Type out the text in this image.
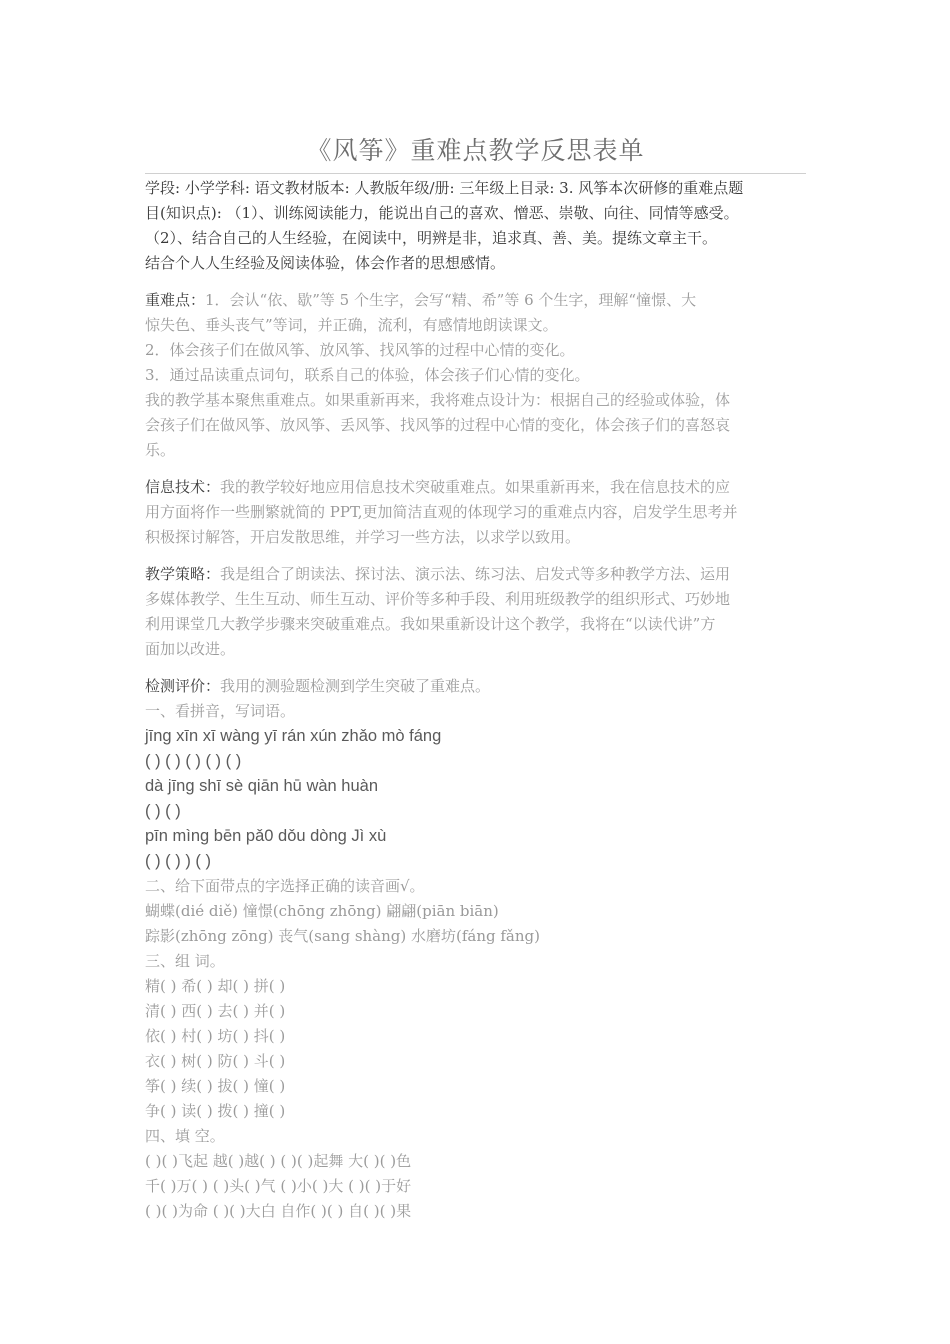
《风筝》重难点教学反思表单
学段: 小学学科: 语文教材版本: 人教版年级/册: 三年级上目录: 3. 风筝本次研修的重难点题
目(知识点): （1）、训练阅读能力，能说出自己的喜欢、憎恶、崇敬、向往、同情等感受。
（2）、结合自己的人生经验，在阅读中，明辨是非，追求真、善、美。提练文章主干。
结合个人人生经验及阅读体验，体会作者的思想感情。
重难点：1．会认“依、歇”等 5 个生字，会写“精、希”等 6 个生字，理解“憧憬、大
惊失色、垂头丧气”等词，并正确，流利，有感情地朗读课文。
2．体会孩子们在做风筝、放风筝、找风筝的过程中心情的变化。
3．通过品读重点词句，联系自己的体验，体会孩子们心情的变化。
我的教学基本聚焦重难点。如果重新再来，我将难点设计为：根据自己的经验或体验，体
会孩子们在做风筝、放风筝、丢风筝、找风筝的过程中心情的变化，体会孩子们的喜怒哀
乐。
信息技术：我的教学较好地应用信息技术突破重难点。如果重新再来，我在信息技术的应
用方面将作一些删繁就简的 PPT,更加简洁直观的体现学习的重难点内容，启发学生思考并
积极探讨解答，开启发散思维，并学习一些方法，以求学以致用。
教学策略：我是组合了朗读法、探讨法、演示法、练习法、启发式等多种教学方法、运用
多媒体教学、生生互动、师生互动、评价等多种手段、利用班级教学的组织形式、巧妙地
利用课堂几大教学步骤来突破重难点。我如果重新设计这个教学，我将在“以读代讲”方
面加以改进。
检测评价：我用的测验题检测到学生突破了重难点。
一、看拼音，写词语。
jīng xīn xī wàng yī rán xún zhǎo mò fáng
( ) ( ) ( ) ( ) ( )
dà jīng shī sè qiān hū wàn huàn
( ) ( )
pīn mìng bēn pǎ0 dǒu dòng Jì xù
( ) ( ) ) ( )
二、给下面带点的字选择正确的读音画√。
蝴蝶(dié diě) 憧憬(chōng zhōng) 翩翩(piān biān)
踪影(zhōng zōng) 丧气(sang shàng) 水磨坊(fáng fǎng)
三、组 词。
精( ) 希( ) 却( ) 拼( )
清( ) 西( ) 去( ) 并( )
依( ) 村( ) 坊( ) 抖( )
衣( ) 树( ) 防( ) 斗( )
筝( ) 续( ) 拔( ) 憧( )
争( ) 读( ) 拨( ) 撞( )
四、填 空。
( )( )飞起 越( )越( ) ( )( )起舞 大( )( )色
千( )万( ) ( )头( )气 ( )小( )大 ( )( )于好
( )( )为命 ( )( )大白 自作( )( ) 自( )( )果
